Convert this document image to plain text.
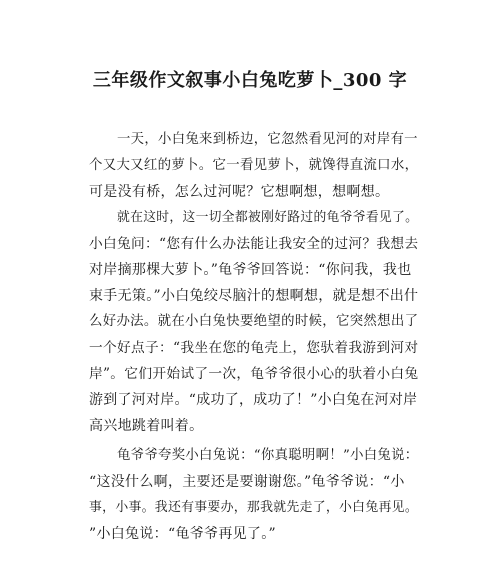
三年级作文叙事小白兔吃萝卜_300 字
一天，小白兔来到桥边，它忽然看见河的对岸有一
个又大又红的萝卜。它一看见萝卜，就馋得直流口水，
可是没有桥，怎么过河呢？它想啊想，想啊想。
就在这时，这一切全都被刚好路过的龟爷爷看见了。
小白兔问：“您有什么办法能让我安全的过河？我想去
对岸摘那棵大萝卜。”龟爷爷回答说：“你问我，我也
束手无策。”小白兔绞尽脑汁的想啊想，就是想不出什
么好办法。就在小白兔快要绝望的时候，它突然想出了
一个好点子：“我坐在您的龟壳上，您驮着我游到河对
岸”。它们开始试了一次，龟爷爷很小心的驮着小白兔
游到了河对岸。“成功了，成功了！”小白兔在河对岸
高兴地跳着叫着。
龟爷爷夸奖小白兔说：“你真聪明啊！”小白兔说：
“这没什么啊，主要还是要谢谢您。”龟爷爷说：“小
事，小事。我还有事要办，那我就先走了，小白兔再见。
”小白兔说：“龟爷爷再见了。”
